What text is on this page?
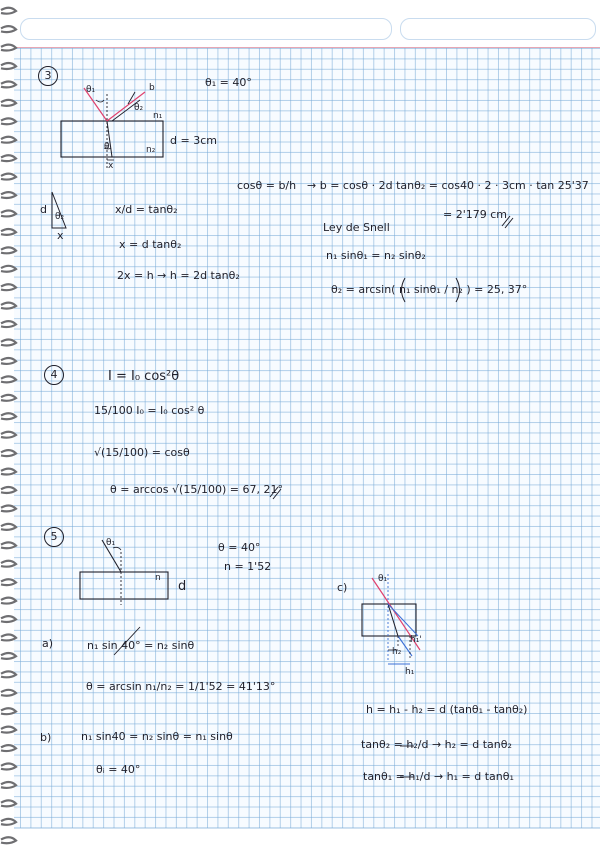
3
θ₁
θ₂
b
θ
n₁
n₂
x
θ₁ = 40°
d = 3cm
d
θ₂
x
x/d = tanθ₂
x = d tanθ₂
2x = h → h = 2d tanθ₂
cosθ = b/h → b = cosθ · 2d tanθ₂ = cos40 · 2 · 3cm · tan 25'37
= 2'179 cm
Ley de Snell
n₁ sinθ₁ = n₂ sinθ₂
θ₂ = arcsin( n₁ sinθ₁ / n₂ ) = 25, 37°
4	I = I₀ cos²θ
15/100 I₀ = I₀ cos² θ
√(15/100) = cosθ
θ = arccos √(15/100) = 67, 21°
5	θ₁
n
d
θ = 40°
n = 1'52
a)	n₁ sin 40° = n₂ sinθ
θ = arcsin n₁/n₂ = 1/1'52 = 41'13°
b)	n₁ sin40 = n₂ sinθ = n₁ sinθ
θᵢ = 40°
c)
θ₁
h₂
h₁
h₁'
h = h₁ - h₂ = d (tanθ₁ - tanθ₂)
tanθ₂ = h₂/d → h₂ = d tanθ₂
tanθ₁ = h₁/d → h₁ = d tanθ₁
